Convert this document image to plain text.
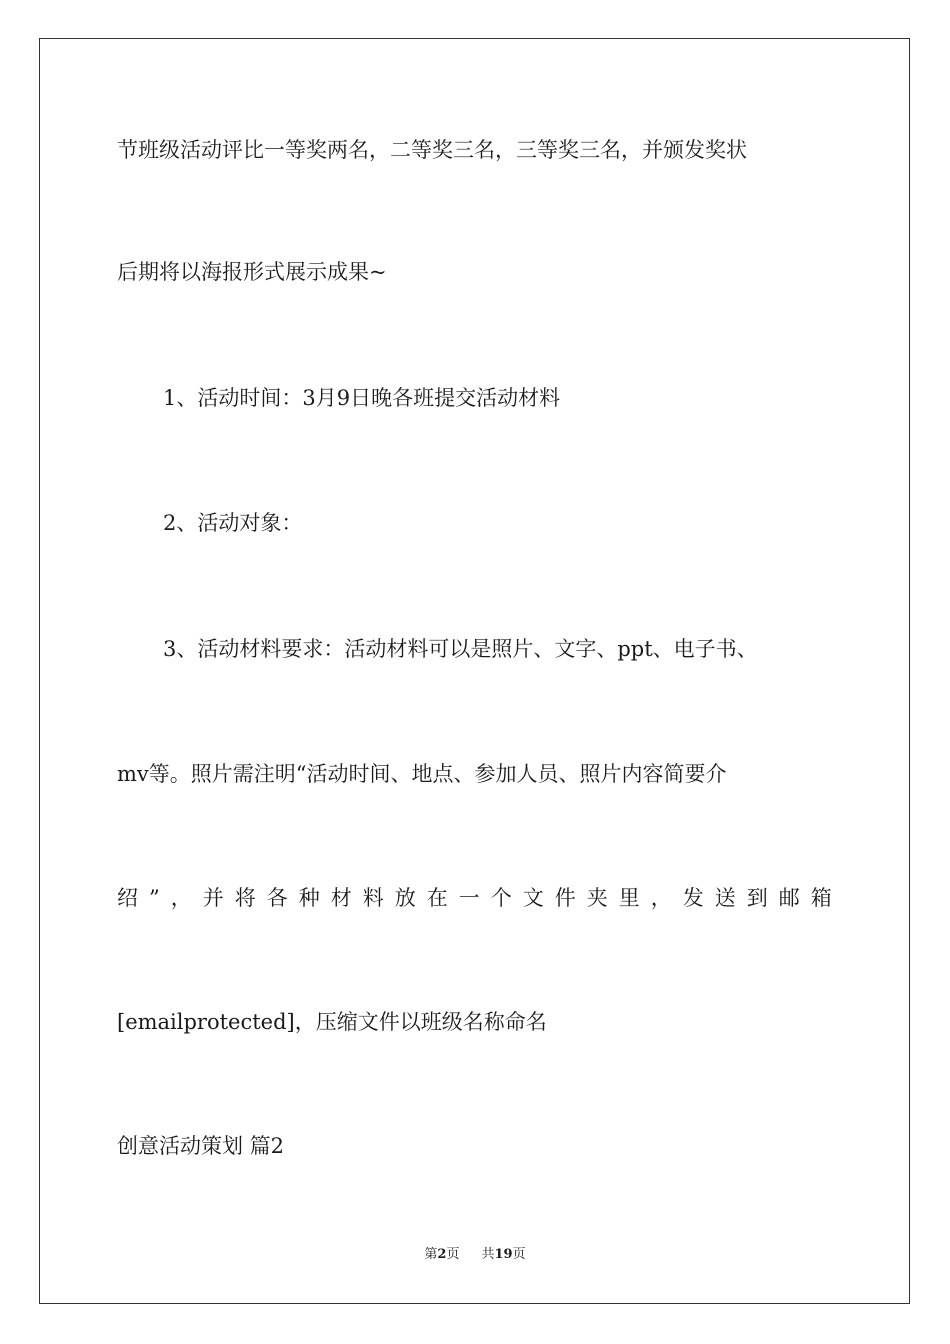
节班级活动评比一等奖两名，二等奖三名，三等奖三名，并颁发奖状
后期将以海报形式展示成果~
1、活动时间：3月9日晚各班提交活动材料
2、活动对象：
3、活动材料要求：活动材料可以是照片、文字、ppt、电子书、
mv等。照片需注明“活动时间、地点、参加人员、照片内容简要介
绍 ” ， 并 将 各 种 材 料 放 在 一 个 文 件 夹 里 ， 发 送 到 邮 箱
[emailprotected]，压缩文件以班级名称命名
创意活动策划 篇2
第2页 共19页
